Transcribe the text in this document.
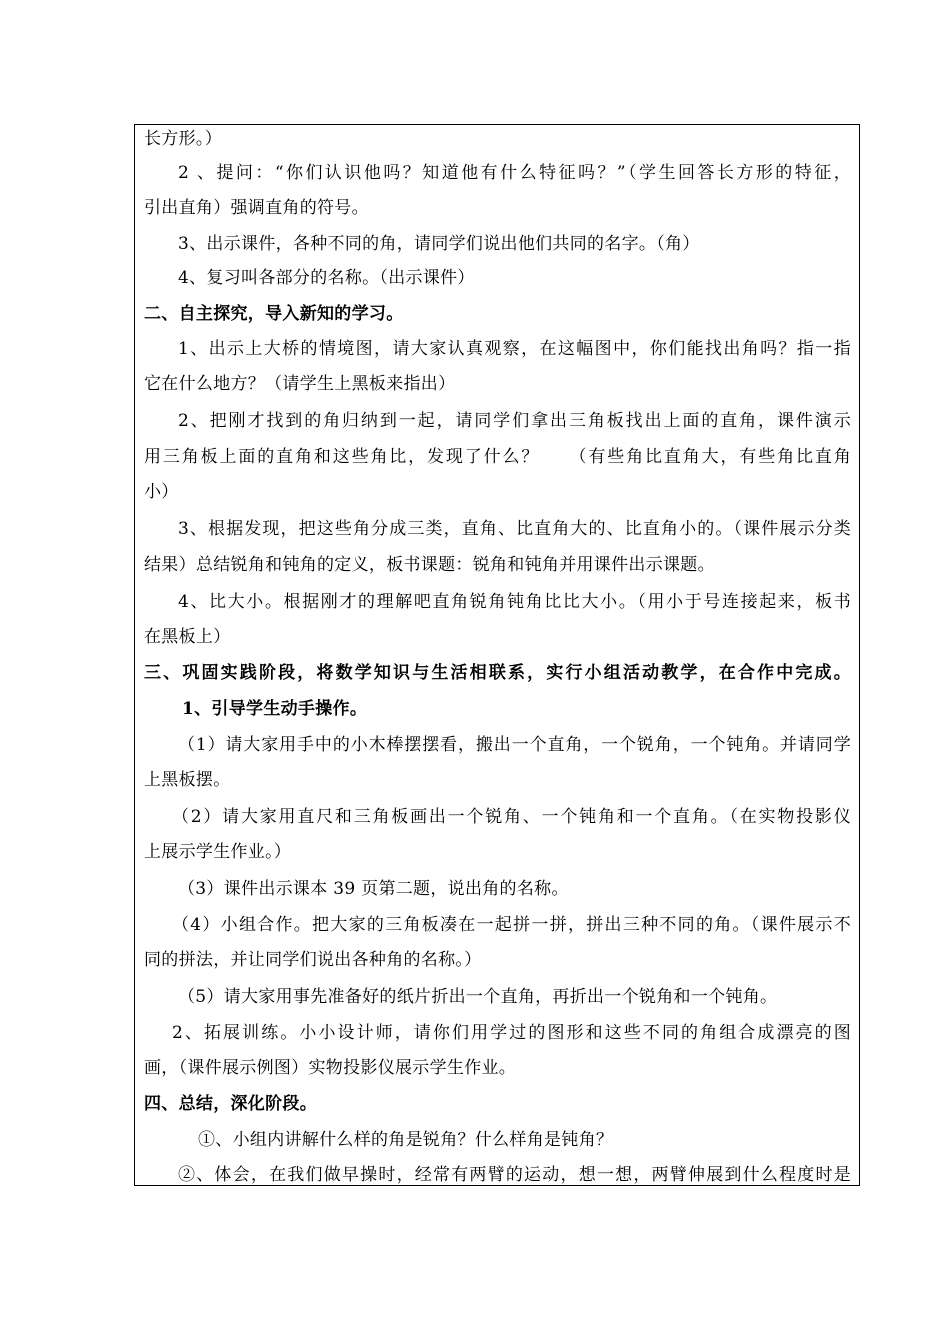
长方形。）
2 、提问：“你们认识他吗？知道他有什么特征吗？”（学生回答长方形的特征，
引出直角）强调直角的符号。
3、出示课件，各种不同的角，请同学们说出他们共同的名字。（角）
4、复习叫各部分的名称。（出示课件）
二、自主探究，导入新知的学习。
1、出示上大桥的情境图，请大家认真观察，在这幅图中，你们能找出角吗？指一指
它在什么地方？（请学生上黑板来指出）
2、把刚才找到的角归纳到一起，请同学们拿出三角板找出上面的直角，课件演示
用三角板上面的直角和这些角比，发现了什么？　　（有些角比直角大，有些角比直角
小）
3、根据发现，把这些角分成三类，直角、比直角大的、比直角小的。（课件展示分类
结果）总结锐角和钝角的定义，板书课题：锐角和钝角并用课件出示课题。
4、比大小。根据刚才的理解吧直角锐角钝角比比大小。（用小于号连接起来，板书
在黑板上）
三、巩固实践阶段，将数学知识与生活相联系，实行小组活动教学，在合作中完成。
1、引导学生动手操作。
（1）请大家用手中的小木棒摆摆看，搬出一个直角，一个锐角，一个钝角。并请同学
上黑板摆。
（2）请大家用直尺和三角板画出一个锐角、一个钝角和一个直角。（在实物投影仪
上展示学生作业。）
（3）课件出示课本 39 页第二题，说出角的名称。
（4）小组合作。把大家的三角板凑在一起拼一拼，拼出三种不同的角。（课件展示不
同的拼法，并让同学们说出各种角的名称。）
（5）请大家用事先准备好的纸片折出一个直角，再折出一个锐角和一个钝角。
2、拓展训练。小小设计师，请你们用学过的图形和这些不同的角组合成漂亮的图
画，（课件展示例图）实物投影仪展示学生作业。
四、总结，深化阶段。
①、小组内讲解什么样的角是锐角？什么样角是钝角？
②、体会，在我们做早操时，经常有两臂的运动，想一想，两臂伸展到什么程度时是
